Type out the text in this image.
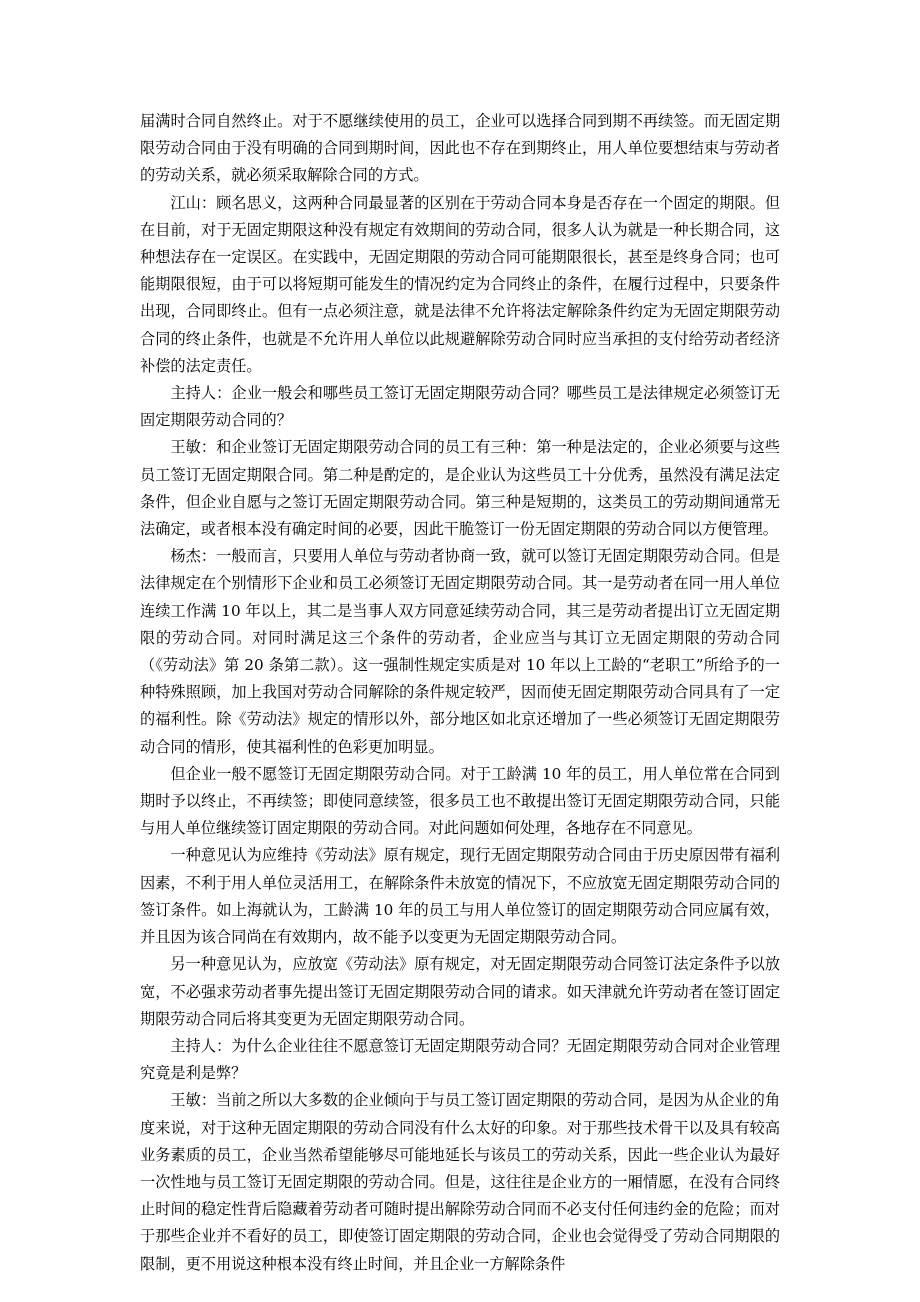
届满时合同自然终止。对于不愿继续使用的员工，企业可以选择合同到期不再续签。而无固定期限劳动合同由于没有明确的合同到期时间，因此也不存在到期终止，用人单位要想结束与劳动者的劳动关系，就必须采取解除合同的方式。

江山：顾名思义，这两种合同最显著的区别在于劳动合同本身是否存在一个固定的期限。但在目前，对于无固定期限这种没有规定有效期间的劳动合同，很多人认为就是一种长期合同，这种想法存在一定误区。在实践中，无固定期限的劳动合同可能期限很长，甚至是终身合同；也可能期限很短，由于可以将短期可能发生的情况约定为合同终止的条件，在履行过程中，只要条件出现，合同即终止。但有一点必须注意，就是法律不允许将法定解除条件约定为无固定期限劳动合同的终止条件，也就是不允许用人单位以此规避解除劳动合同时应当承担的支付给劳动者经济补偿的法定责任。

主持人：企业一般会和哪些员工签订无固定期限劳动合同？哪些员工是法律规定必须签订无固定期限劳动合同的？

王敏：和企业签订无固定期限劳动合同的员工有三种：第一种是法定的，企业必须要与这些员工签订无固定期限合同。第二种是酌定的，是企业认为这些员工十分优秀，虽然没有满足法定条件，但企业自愿与之签订无固定期限劳动合同。第三种是短期的，这类员工的劳动期间通常无法确定，或者根本没有确定时间的必要，因此干脆签订一份无固定期限的劳动合同以方便管理。

杨杰：一般而言，只要用人单位与劳动者协商一致，就可以签订无固定期限劳动合同。但是法律规定在个别情形下企业和员工必须签订无固定期限劳动合同。其一是劳动者在同一用人单位连续工作满 10 年以上，其二是当事人双方同意延续劳动合同，其三是劳动者提出订立无固定期限的劳动合同。对同时满足这三个条件的劳动者，企业应当与其订立无固定期限的劳动合同（《劳动法》第 20 条第二款）。这一强制性规定实质是对 10 年以上工龄的“老职工”所给予的一种特殊照顾，加上我国对劳动合同解除的条件规定较严，因而使无固定期限劳动合同具有了一定的福利性。除《劳动法》规定的情形以外，部分地区如北京还增加了一些必须签订无固定期限劳动合同的情形，使其福利性的色彩更加明显。

但企业一般不愿签订无固定期限劳动合同。对于工龄满 10 年的员工，用人单位常在合同到期时予以终止，不再续签；即使同意续签，很多员工也不敢提出签订无固定期限劳动合同，只能与用人单位继续签订固定期限的劳动合同。对此问题如何处理，各地存在不同意见。

一种意见认为应维持《劳动法》原有规定，现行无固定期限劳动合同由于历史原因带有福利因素，不利于用人单位灵活用工，在解除条件未放宽的情况下，不应放宽无固定期限劳动合同的签订条件。如上海就认为，工龄满 10 年的员工与用人单位签订的固定期限劳动合同应属有效，并且因为该合同尚在有效期内，故不能予以变更为无固定期限劳动合同。

另一种意见认为，应放宽《劳动法》原有规定，对无固定期限劳动合同签订法定条件予以放宽，不必强求劳动者事先提出签订无固定期限劳动合同的请求。如天津就允许劳动者在签订固定期限劳动合同后将其变更为无固定期限劳动合同。

主持人：为什么企业往往不愿意签订无固定期限劳动合同？无固定期限劳动合同对企业管理究竟是利是弊？

王敏：当前之所以大多数的企业倾向于与员工签订固定期限的劳动合同，是因为从企业的角度来说，对于这种无固定期限的劳动合同没有什么太好的印象。对于那些技术骨干以及具有较高业务素质的员工，企业当然希望能够尽可能地延长与该员工的劳动关系，因此一些企业认为最好一次性地与员工签订无固定期限的劳动合同。但是，这往往是企业方的一厢情愿，在没有合同终止时间的稳定性背后隐藏着劳动者可随时提出解除劳动合同而不必支付任何违约金的危险；而对于那些企业并不看好的员工，即使签订固定期限的劳动合同，企业也会觉得受了劳动合同期限的限制，更不用说这种根本没有终止时间，并且企业一方解除条件
